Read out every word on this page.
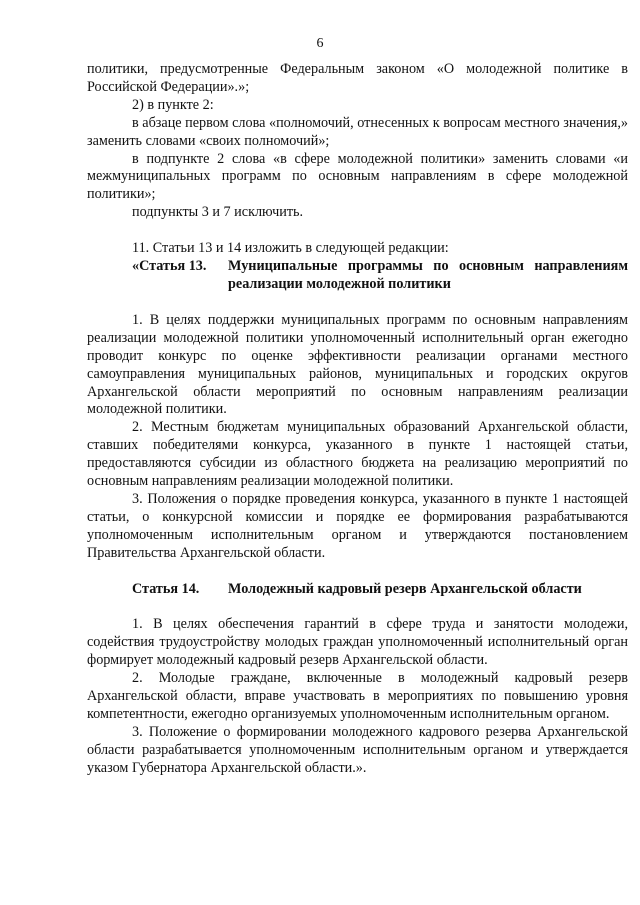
6

политики, предусмотренные Федеральным законом «О молодежной политике в Российской Федерации».»;

2) в пункте 2:

в абзаце первом слова «полномочий, отнесенных к вопросам местного значения,» заменить словами «своих полномочий»;

в подпункте 2 слова «в сфере молодежной политики» заменить словами «и межмуниципальных программ по основным направлениям в сфере молодежной политики»;

подпункты 3 и 7 исключить.

11. Статьи 13 и 14 изложить в следующей редакции:

«Статья 13.	Муниципальные программы по основным направлениям реализации молодежной политики

1. В целях поддержки муниципальных программ по основным направлениям реализации молодежной политики уполномоченный исполнительный орган ежегодно проводит конкурс по оценке эффективности реализации органами местного самоуправления муниципальных районов, муниципальных и городских округов Архангельской области мероприятий по основным направлениям реализации молодежной политики.

2. Местным бюджетам муниципальных образований Архангельской области, ставших победителями конкурса, указанного в пункте 1 настоящей статьи, предоставляются субсидии из областного бюджета на реализацию мероприятий по основным направлениям реализации молодежной политики.

3. Положения о порядке проведения конкурса, указанного в пункте 1 настоящей статьи, о конкурсной комиссии и порядке ее формирования разрабатываются уполномоченным исполнительным органом и утверждаются постановлением Правительства Архангельской области.

Статья 14.	Молодежный кадровый резерв Архангельской области

1. В целях обеспечения гарантий в сфере труда и занятости молодежи, содействия трудоустройству молодых граждан уполномоченный исполнительный орган формирует молодежный кадровый резерв Архангельской области.

2. Молодые граждане, включенные в молодежный кадровый резерв Архангельской области, вправе участвовать в мероприятиях по повышению уровня компетентности, ежегодно организуемых уполномоченным исполнительным органом.

3. Положение о формировании молодежного кадрового резерва Архангельской области разрабатывается уполномоченным исполнительным органом и утверждается указом Губернатора Архангельской области.».
